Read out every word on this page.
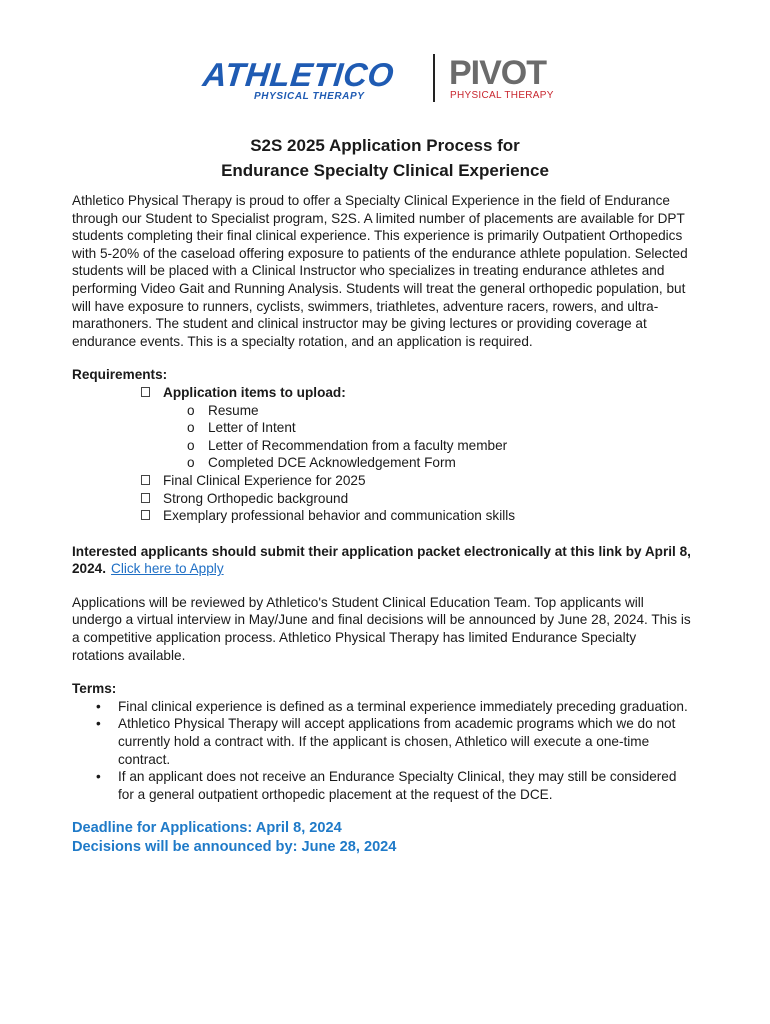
ATHLETICO
PHYSICAL THERAPY
PIVOT
PHYSICAL THERAPY
S2S 2025 Application Process for
Endurance Specialty Clinical Experience

Athletico Physical Therapy is proud to offer a Specialty Clinical Experience in the field of Endurance through our Student to Specialist program, S2S. A limited number of placements are available for DPT students completing their final clinical experience. This experience is primarily Outpatient Orthopedics with 5-20% of the caseload offering exposure to patients of the endurance athlete population. Selected students will be placed with a Clinical Instructor who specializes in treating endurance athletes and performing Video Gait and Running Analysis. Students will treat the general orthopedic population, but will have exposure to runners, cyclists, swimmers, triathletes, adventure racers, rowers, and ultra-marathoners. The student and clinical instructor may be giving lectures or providing coverage at endurance events. This is a specialty rotation, and an application is required.

Requirements:

Application items to upload:
o Resume
o Letter of Intent
o Letter of Recommendation from a faculty member
o Completed DCE Acknowledgement Form
Final Clinical Experience for 2025
Strong Orthopedic background
Exemplary professional behavior and communication skills

Interested applicants should submit their application packet electronically at this link by April 8, 2024. Click here to Apply

Applications will be reviewed by Athletico's Student Clinical Education Team. Top applicants will undergo a virtual interview in May/June and final decisions will be announced by June 28, 2024. This is a competitive application process. Athletico Physical Therapy has limited Endurance Specialty rotations available.

Terms:

• Final clinical experience is defined as a terminal experience immediately preceding graduation.
• Athletico Physical Therapy will accept applications from academic programs which we do not currently hold a contract with. If the applicant is chosen, Athletico will execute a one-time contract.
• If an applicant does not receive an Endurance Specialty Clinical, they may still be considered for a general outpatient orthopedic placement at the request of the DCE.
Deadline for Applications: April 8, 2024
Decisions will be announced by: June 28, 2024
